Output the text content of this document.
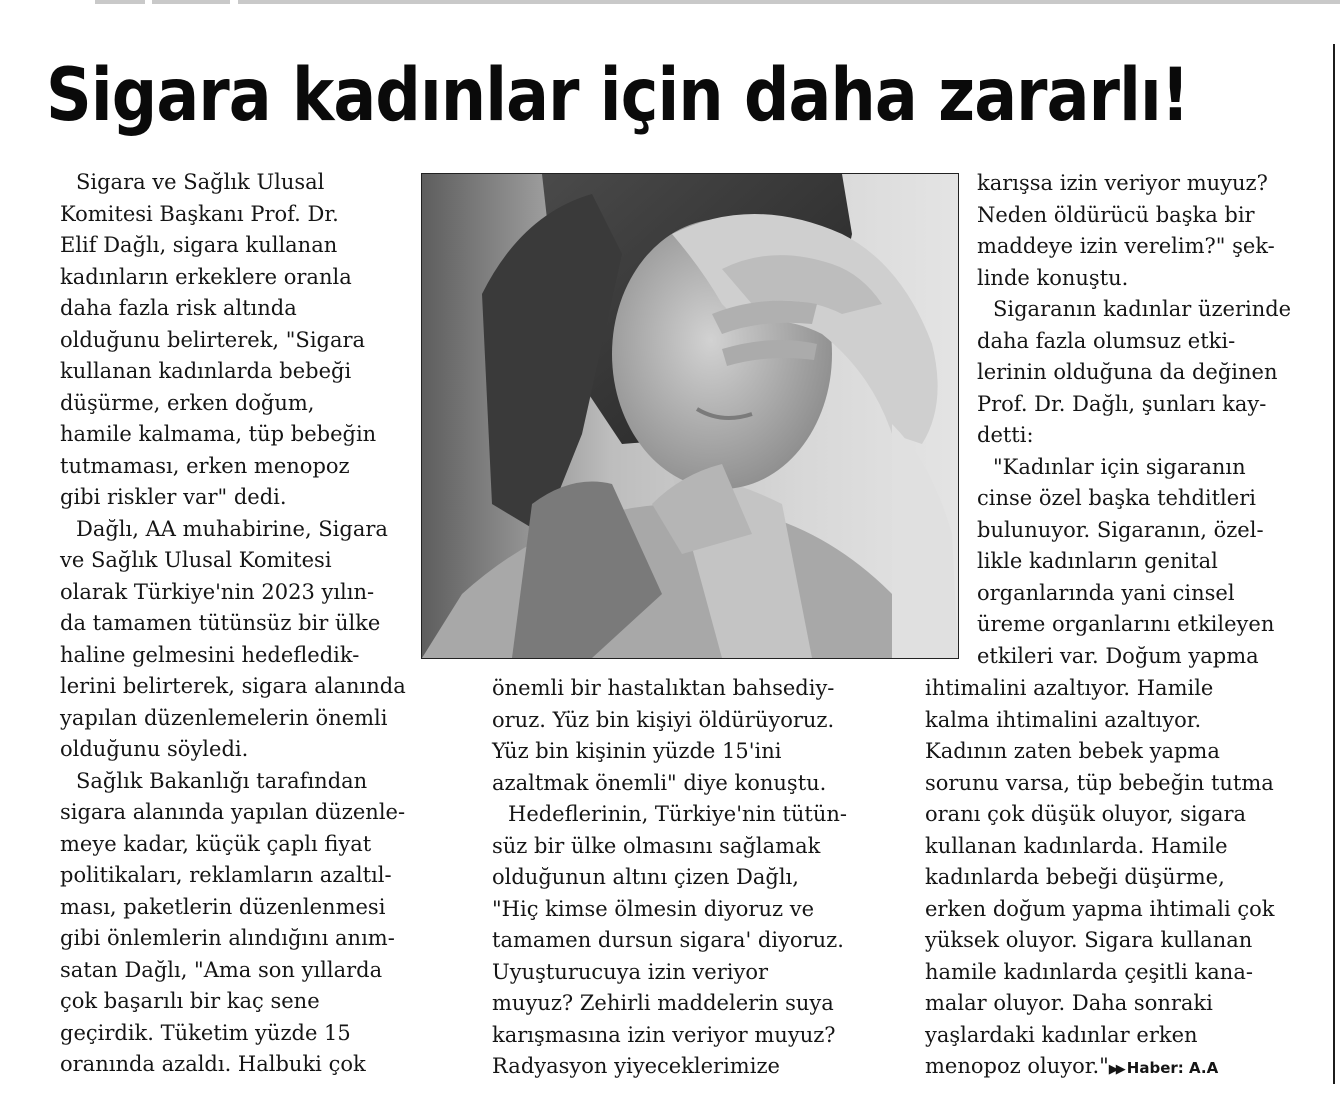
Sigara kadınlar için daha zararlı!
Sigara ve Sağlık Ulusal
Komitesi Başkanı Prof. Dr.
Elif Dağlı, sigara kullanan
kadınların erkeklere oranla
daha fazla risk altında
olduğunu belirterek, "Sigara
kullanan kadınlarda bebeği
düşürme, erken doğum,
hamile kalmama, tüp bebeğin
tutmaması, erken menopoz
gibi riskler var" dedi.
Dağlı, AA muhabirine, Sigara
ve Sağlık Ulusal Komitesi
olarak Türkiye'nin 2023 yılın-
da tamamen tütünsüz bir ülke
haline gelmesini hedefledik-
lerini belirterek, sigara alanında
yapılan düzenlemelerin önemli
olduğunu söyledi.
Sağlık Bakanlığı tarafından
sigara alanında yapılan düzenle-
meye kadar, küçük çaplı fiyat
politikaları, reklamların azaltıl-
ması, paketlerin düzenlenmesi
gibi önlemlerin alındığını anım-
satan Dağlı, "Ama son yıllarda
çok başarılı bir kaç sene
geçirdik. Tüketim yüzde 15
oranında azaldı. Halbuki çok
önemli bir hastalıktan bahsediy-
oruz. Yüz bin kişiyi öldürüyoruz.
Yüz bin kişinin yüzde 15'ini
azaltmak önemli" diye konuştu.
Hedeflerinin, Türkiye'nin tütün-
süz bir ülke olmasını sağlamak
olduğunun altını çizen Dağlı,
"Hiç kimse ölmesin diyoruz ve
tamamen dursun sigara' diyoruz.
Uyuşturucuya izin veriyor
muyuz? Zehirli maddelerin suya
karışmasına izin veriyor muyuz?
Radyasyon yiyeceklerimize
karışsa izin veriyor muyuz?
Neden öldürücü başka bir
maddeye izin verelim?" şek-
linde konuştu.
Sigaranın kadınlar üzerinde
daha fazla olumsuz etki-
lerinin olduğuna da değinen
Prof. Dr. Dağlı, şunları kay-
detti:
"Kadınlar için sigaranın
cinse özel başka tehditleri
bulunuyor. Sigaranın, özel-
likle kadınların genital
organlarında yani cinsel
üreme organlarını etkileyen
etkileri var. Doğum yapma
ihtimalini azaltıyor. Hamile
kalma ihtimalini azaltıyor.
Kadının zaten bebek yapma
sorunu varsa, tüp bebeğin tutma
oranı çok düşük oluyor, sigara
kullanan kadınlarda. Hamile
kadınlarda bebeği düşürme,
erken doğum yapma ihtimali çok
yüksek oluyor. Sigara kullanan
hamile kadınlarda çeşitli kana-
malar oluyor. Daha sonraki
yaşlardaki kadınlar erken
menopoz oluyor."▶▶ Haber: A.A
